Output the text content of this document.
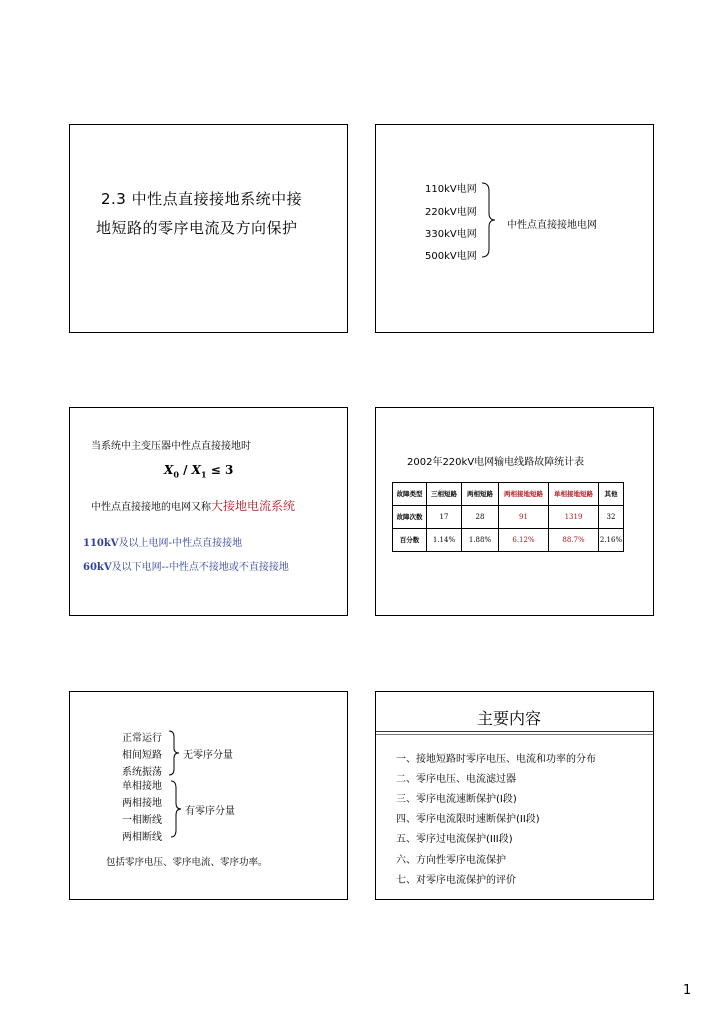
2.3 中性点直接接地系统中接
地短路的零序电流及方向保护
110kV电网
220kV电网
330kV电网
500kV电网
中性点直接接地电网
当系统中主变压器中性点直接接地时
$X_0 / X_1 \le 3$
中性点直接接地的电网又称大接地电流系统
110kV及以上电网-中性点直接接地
60kV及以下电网--中性点不接地或不直接接地
2002年220kV电网输电线路故障统计表
故障类型	三相短路	两相短路	两相接地短路	单相接地短路	其他
故障次数	17	28	91	1319	32
百分数	1.14%	1.88%	6.12%	88.7%	2.16%
正常运行
相间短路
系统振荡
无零序分量
单相接地
两相接地
一相断线
两相断线
有零序分量
包括零序电压、零序电流、零序功率。
主要内容
一、接地短路时零序电压、电流和功率的分布
二、零序电压、电流滤过器
三、零序电流速断保护(I段)
四、零序电流限时速断保护(II段)
五、零序过电流保护(III段)
六、方向性零序电流保护
七、对零序电流保护的评价
1
